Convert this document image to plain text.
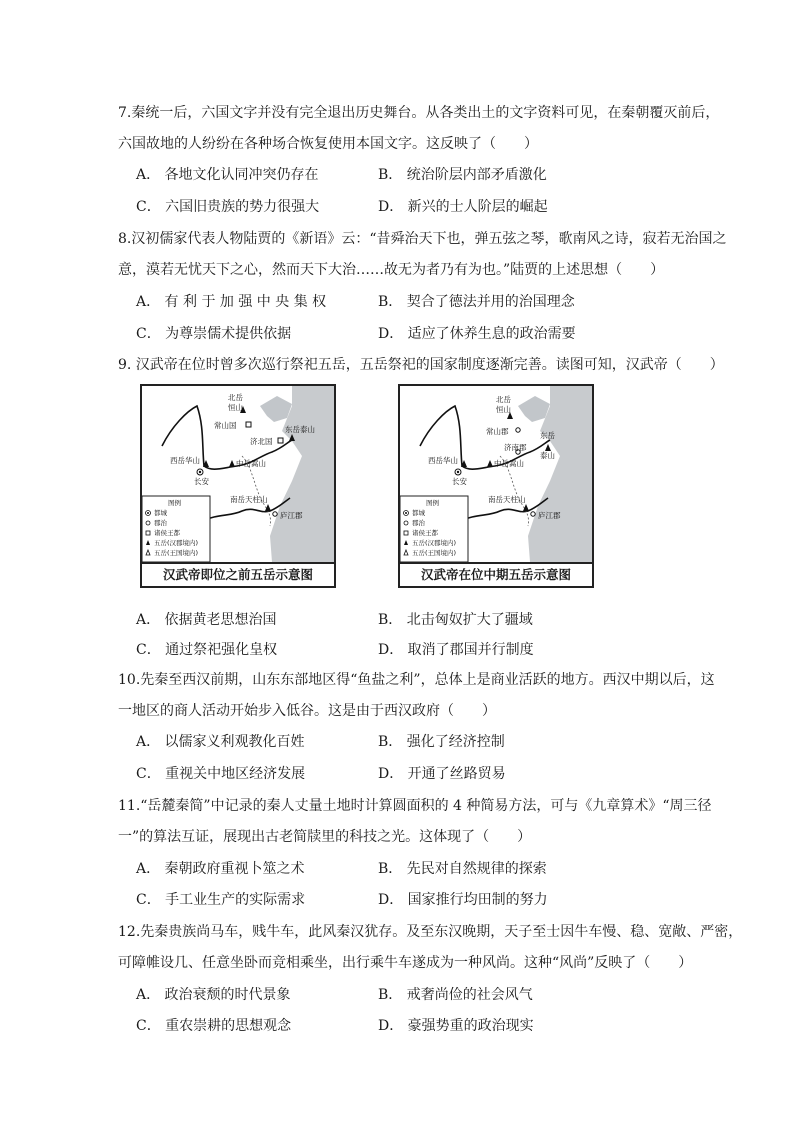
7.秦统一后，六国文字并没有完全退出历史舞台。从各类出土的文字资料可见，在秦朝覆灭前后，
六国故地的人纷纷在各种场合恢复使用本国文字。这反映了（　　）
A． 各地文化认同冲突仍存在	B． 统治阶层内部矛盾激化
C． 六国旧贵族的势力很强大	D． 新兴的士人阶层的崛起
8.汉初儒家代表人物陆贾的《新语》云：“昔舜治天下也，弹五弦之琴，歌南风之诗，寂若无治国之
意，漠若无忧天下之心，然而天下大治……故无为者乃有为也。”陆贾的上述思想（　　）
A． 有 利 于 加 强 中 央 集 权	B． 契合了德法并用的治国理念
C． 为尊崇儒术提供依据	D． 适应了休养生息的政治需要
9. 汉武帝在位时曾多次巡行祭祀五岳，五岳祭祀的国家制度逐渐完善。读图可知，汉武帝（　　）
北岳
恒山
常山国
济北国
东岳泰山
西岳华山	中岳嵩山
长安
南岳天柱山
庐江郡
图例
都城
郡治
诸侯王都
五岳(汉郡境内)
五岳(王国境内)
汉武帝即位之前五岳示意图
北岳
恒山
常山郡
济南郡
东岳
泰山
西岳华山	中岳嵩山
长安
南岳天柱山
庐江郡
图例
都城
郡治
诸侯王都
五岳(汉郡境内)
五岳(王国境内)
汉武帝在位中期五岳示意图
A． 依据黄老思想治国	B． 北击匈奴扩大了疆域
C． 通过祭祀强化皇权	D． 取消了郡国并行制度
10.先秦至西汉前期，山东东部地区得“鱼盐之利”，总体上是商业活跃的地方。西汉中期以后，这
一地区的商人活动开始步入低谷。这是由于西汉政府（　　）
A． 以儒家义利观教化百姓	B． 强化了经济控制
C． 重视关中地区经济发展	D． 开通了丝路贸易
11.“岳麓秦简”中记录的秦人丈量土地时计算圆面积的 4 种简易方法，可与《九章算术》“周三径
一”的算法互证，展现出古老简牍里的科技之光。这体现了（　　）
A． 秦朝政府重视卜筮之术	B． 先民对自然规律的探索
C． 手工业生产的实际需求	D． 国家推行均田制的努力
12.先秦贵族尚马车，贱牛车，此风秦汉犹存。及至东汉晚期，天子至士因牛车慢、稳、宽敞、严密，
可障帷设几、任意坐卧而竞相乘坐，出行乘牛车遂成为一种风尚。这种“风尚”反映了（　　）
A． 政治衰颓的时代景象	B． 戒奢尚俭的社会风气
C． 重农崇耕的思想观念	D． 豪强势重的政治现实
